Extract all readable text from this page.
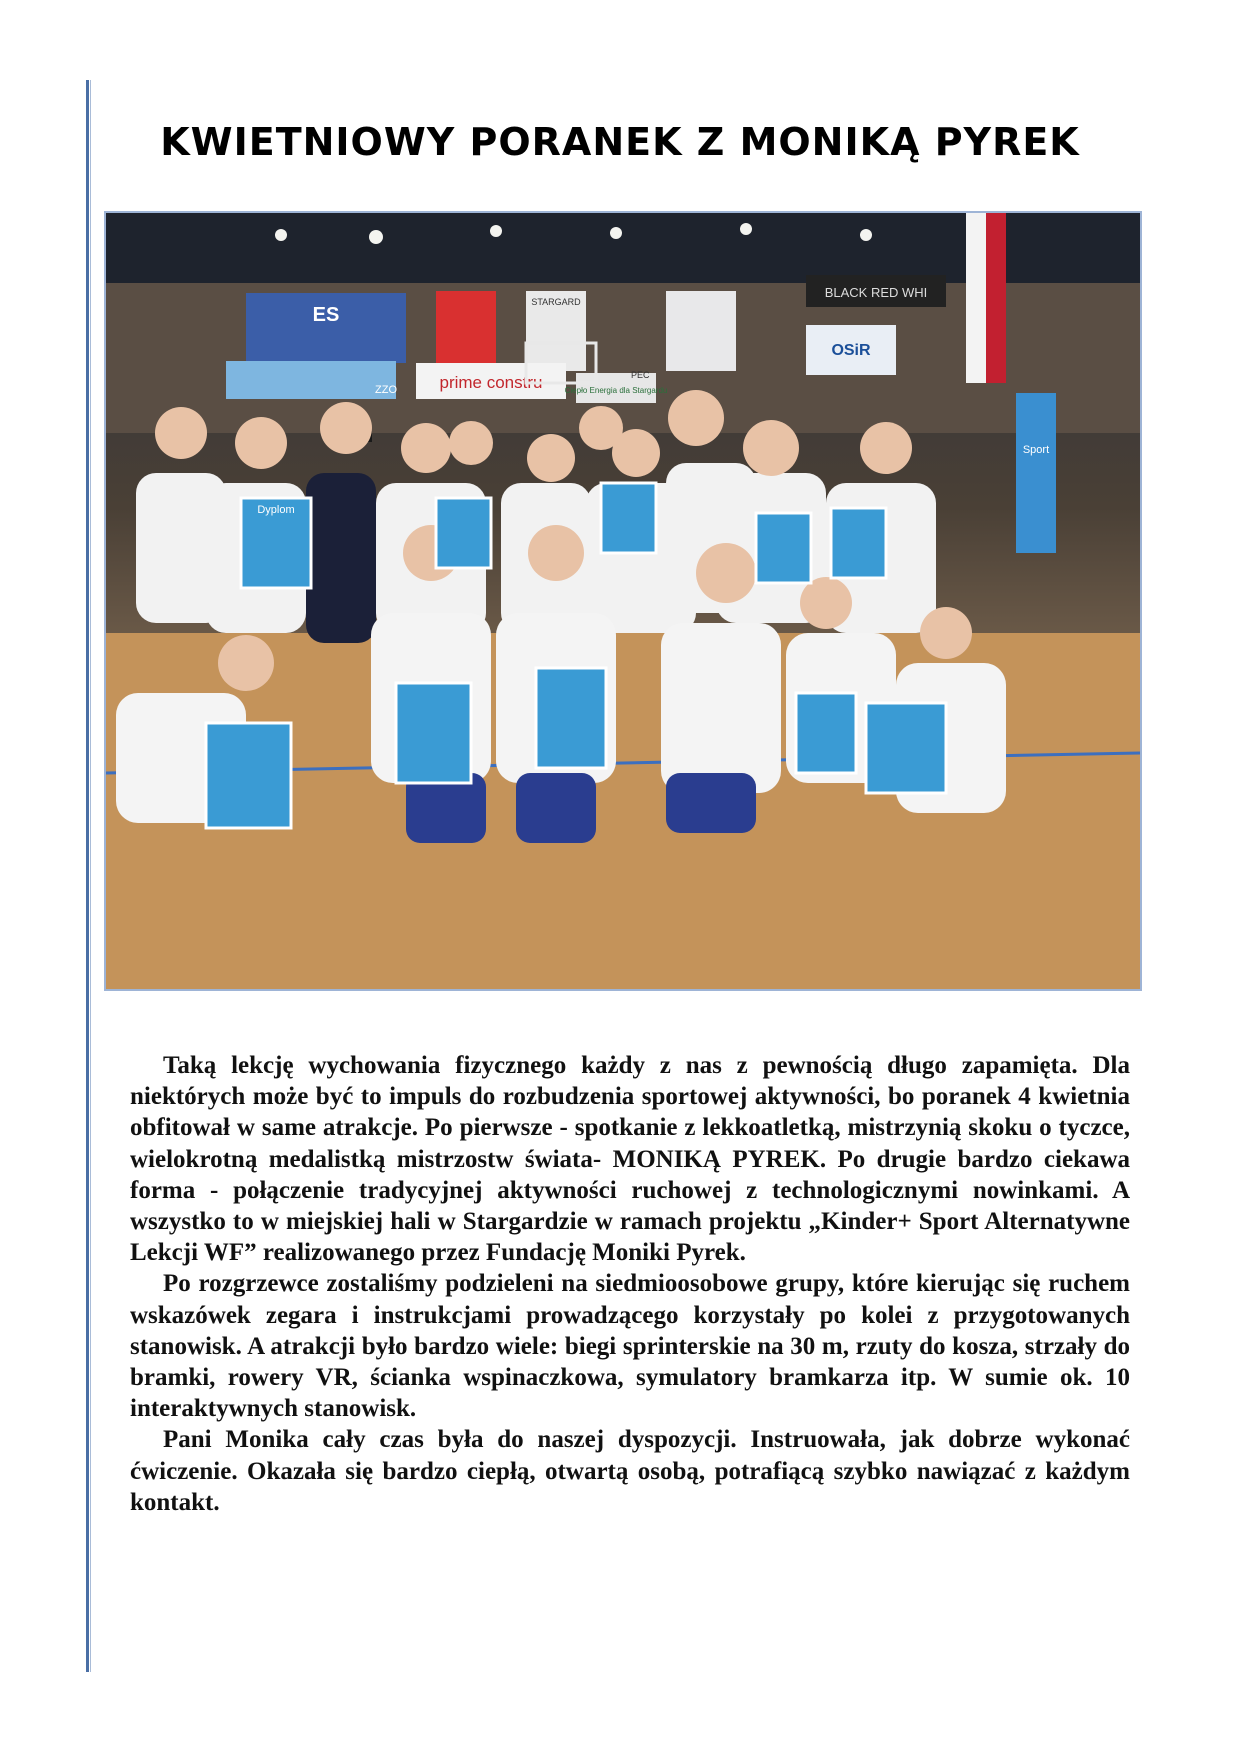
KWIETNIOWY PORANEK Z MONIKĄ PYREK
ES
STARGARD
BLACK RED WHI
OSiR
ZZO	prime constru	Ciepło Energia dla Stargardu
PEC
Sport
Dyplom

Taką lekcję wychowania fizycznego każdy z nas z pewnością długo zapamięta. Dla niektórych może być to impuls do rozbudzenia sportowej aktywności, bo poranek 4 kwietnia obfitował w same atrakcje. Po pierwsze - spotkanie z lekkoatletką, mistrzynią skoku o tyczce, wielokrotną medalistką mistrzostw świata- MONIKĄ PYREK. Po drugie bardzo ciekawa forma - połączenie tradycyjnej aktywności ruchowej z technologicznymi nowinkami. A wszystko to w miejskiej hali w Stargardzie w ramach projektu „Kinder+ Sport Alternatywne Lekcji WF” realizowanego przez Fundację Moniki Pyrek.

Po rozgrzewce zostaliśmy podzieleni na siedmioosobowe grupy, które kierując się ruchem wskazówek zegara i instrukcjami prowadzącego korzystały po kolei z przygotowanych stanowisk. A atrakcji było bardzo wiele: biegi sprinterskie na 30 m, rzuty do kosza, strzały do bramki, rowery VR, ścianka wspinaczkowa, symulatory bramkarza itp. W sumie ok. 10 interaktywnych stanowisk.

Pani Monika cały czas była do naszej dyspozycji. Instruowała, jak dobrze wykonać ćwiczenie. Okazała się bardzo ciepłą, otwartą osobą, potrafiącą szybko nawiązać z każdym kontakt.
